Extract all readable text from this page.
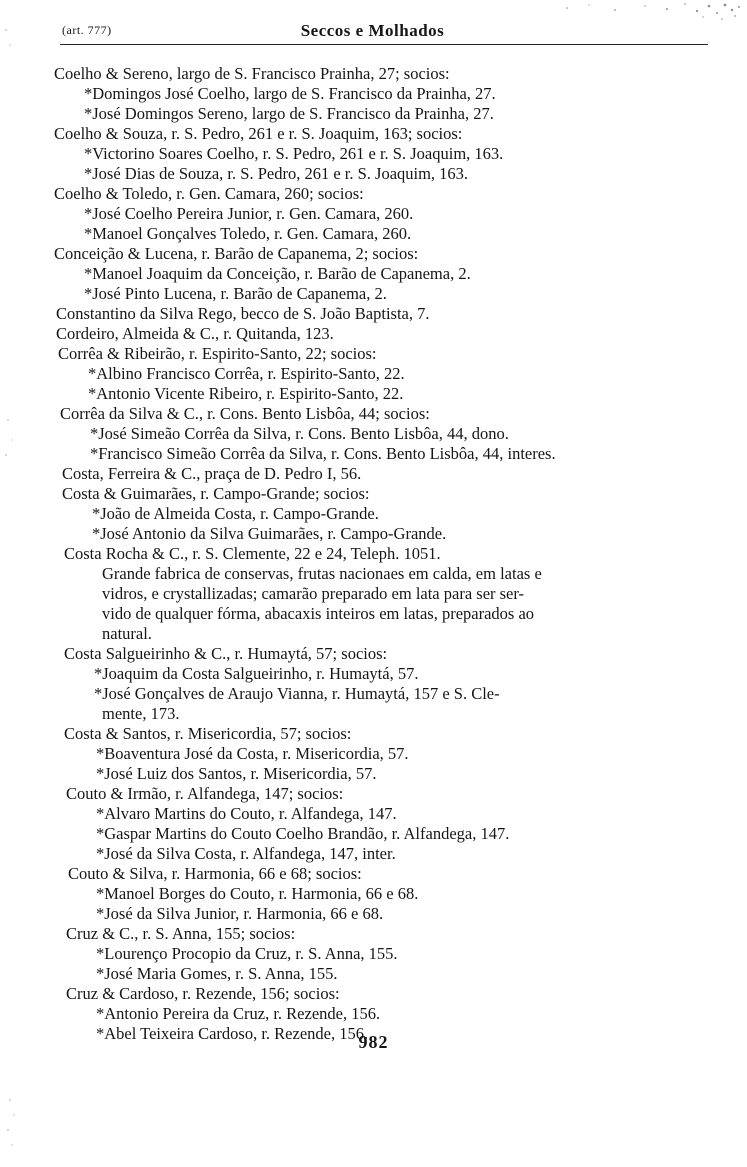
(art. 777)	Seccos e Molhados
Coelho & Sereno, largo de S. Francisco Prainha, 27; socios:
*Domingos José Coelho, largo de S. Francisco da Prainha, 27.
*José Domingos Sereno, largo de S. Francisco da Prainha, 27.
Coelho & Souza, r. S. Pedro, 261 e r. S. Joaquim, 163; socios:
*Victorino Soares Coelho, r. S. Pedro, 261 e r. S. Joaquim, 163.
*José Dias de Souza, r. S. Pedro, 261 e r. S. Joaquim, 163.
Coelho & Toledo, r. Gen. Camara, 260; socios:
*José Coelho Pereira Junior, r. Gen. Camara, 260.
*Manoel Gonçalves Toledo, r. Gen. Camara, 260.
Conceição & Lucena, r. Barão de Capanema, 2; socios:
*Manoel Joaquim da Conceição, r. Barão de Capanema, 2.
*José Pinto Lucena, r. Barão de Capanema, 2.
Constantino da Silva Rego, becco de S. João Baptista, 7.
Cordeiro, Almeida & C., r. Quitanda, 123.
Corrêa & Ribeirão, r. Espirito-Santo, 22; socios:
*Albino Francisco Corrêa, r. Espirito-Santo, 22.
*Antonio Vicente Ribeiro, r. Espirito-Santo, 22.
Corrêa da Silva & C., r. Cons. Bento Lisbôa, 44; socios:
*José Simeão Corrêa da Silva, r. Cons. Bento Lisbôa, 44, dono.
*Francisco Simeão Corrêa da Silva, r. Cons. Bento Lisbôa, 44, interes.
Costa, Ferreira & C., praça de D. Pedro I, 56.
Costa & Guimarães, r. Campo-Grande; socios:
*João de Almeida Costa, r. Campo-Grande.
*José Antonio da Silva Guimarães, r. Campo-Grande.
Costa Rocha & C., r. S. Clemente, 22 e 24, Teleph. 1051.
Grande fabrica de conservas, frutas nacionaes em calda, em latas e
vidros, e crystallizadas; camarão preparado em lata para ser ser-
vido de qualquer fórma, abacaxis inteiros em latas, preparados ao
natural.
Costa Salgueirinho & C., r. Humaytá, 57; socios:
*Joaquim da Costa Salgueirinho, r. Humaytá, 57.
*José Gonçalves de Araujo Vianna, r. Humaytá, 157 e S. Cle-
mente, 173.
Costa & Santos, r. Misericordia, 57; socios:
*Boaventura José da Costa, r. Misericordia, 57.
*José Luiz dos Santos, r. Misericordia, 57.
Couto & Irmão, r. Alfandega, 147; socios:
*Alvaro Martins do Couto, r. Alfandega, 147.
*Gaspar Martins do Couto Coelho Brandão, r. Alfandega, 147.
*José da Silva Costa, r. Alfandega, 147, inter.
Couto & Silva, r. Harmonia, 66 e 68; socios:
*Manoel Borges do Couto, r. Harmonia, 66 e 68.
*José da Silva Junior, r. Harmonia, 66 e 68.
Cruz & C., r. S. Anna, 155; socios:
*Lourenço Procopio da Cruz, r. S. Anna, 155.
*José Maria Gomes, r. S. Anna, 155.
Cruz & Cardoso, r. Rezende, 156; socios:
*Antonio Pereira da Cruz, r. Rezende, 156.
*Abel Teixeira Cardoso, r. Rezende, 156.
982
